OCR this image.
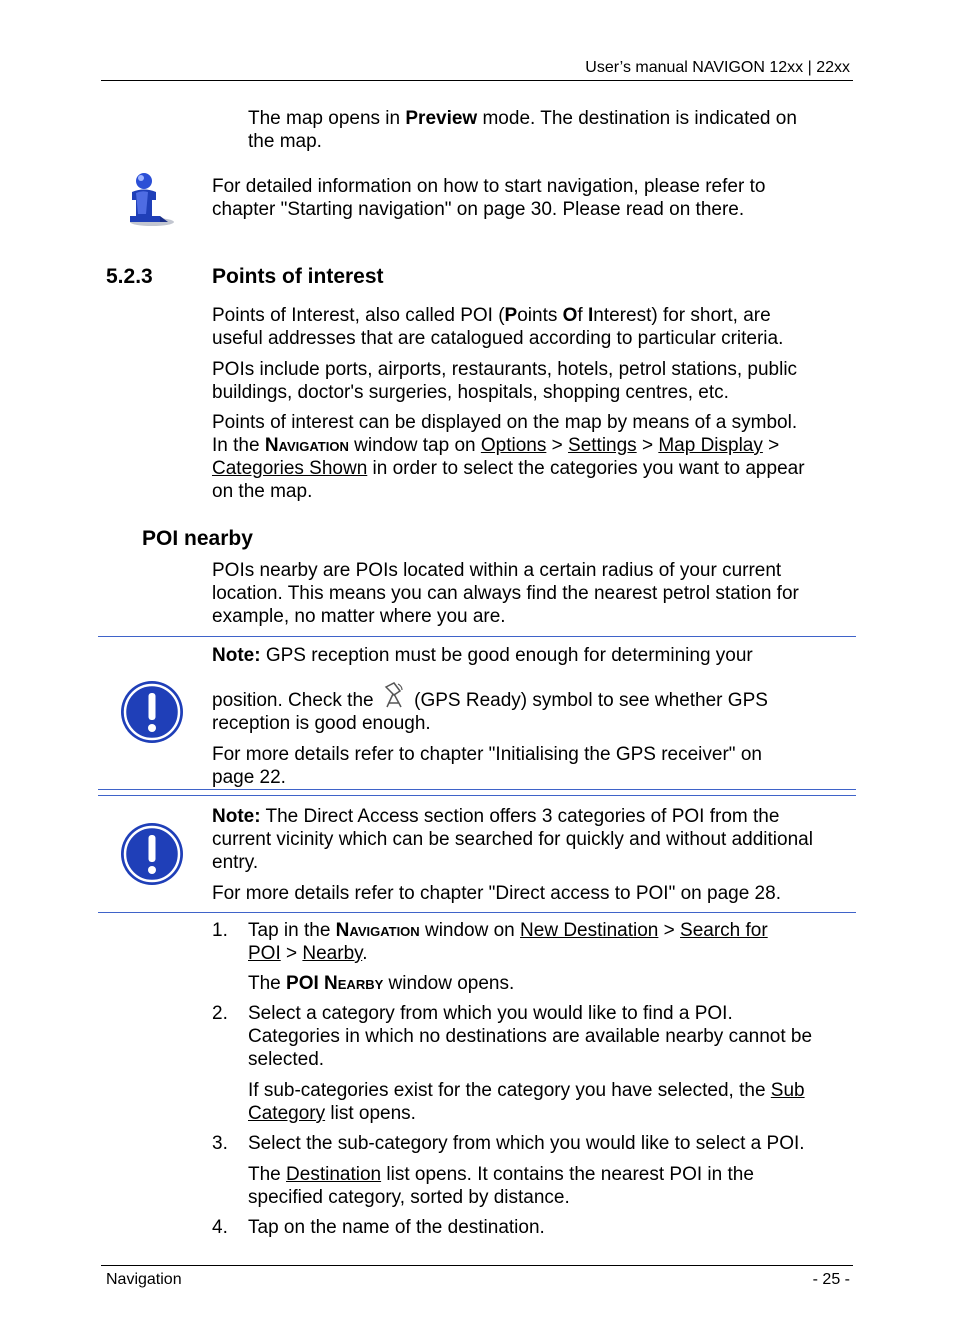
User’s manual NAVIGON 12xx | 22xx

The map opens in Preview mode. The destination is indicated on

the map.

For detailed information on how to start navigation, please refer to

chapter "Starting navigation" on page 30. Please read on there.

5.2.3	Points of interest

Points of Interest, also called POI (Points Of Interest) for short, are

useful addresses that are catalogued according to particular criteria.

POIs include ports, airports, restaurants, hotels, petrol stations, public

buildings, doctor's surgeries, hospitals, shopping centres, etc.

Points of interest can be displayed on the map by means of a symbol.

In the Navigation window tap on Options > Settings > Map Display >

Categories Shown in order to select the categories you want to appear

on the map.

POI nearby

POIs nearby are POIs located within a certain radius of your current

location. This means you can always find the nearest petrol station for

example, no matter where you are.

Note: GPS reception must be good enough for determining your

position. Check the  (GPS Ready) symbol to see whether GPS

reception is good enough.

For more details refer to chapter "Initialising the GPS receiver" on

page 22.

Note: The Direct Access section offers 3 categories of POI from the

current vicinity which can be searched for quickly and without additional

entry.

For more details refer to chapter "Direct access to POI" on page 28.

1. Tap in the Navigation window on New Destination > Search for

POI > Nearby.

The POI Nearby window opens.

2. Select a category from which you would like to find a POI.

Categories in which no destinations are available nearby cannot be

selected.

If sub-categories exist for the category you have selected, the Sub

Category list opens.

3. Select the sub-category from which you would like to select a POI.

The Destination list opens. It contains the nearest POI in the

specified category, sorted by distance.

4. Tap on the name of the destination.

Navigation	- 25 -
